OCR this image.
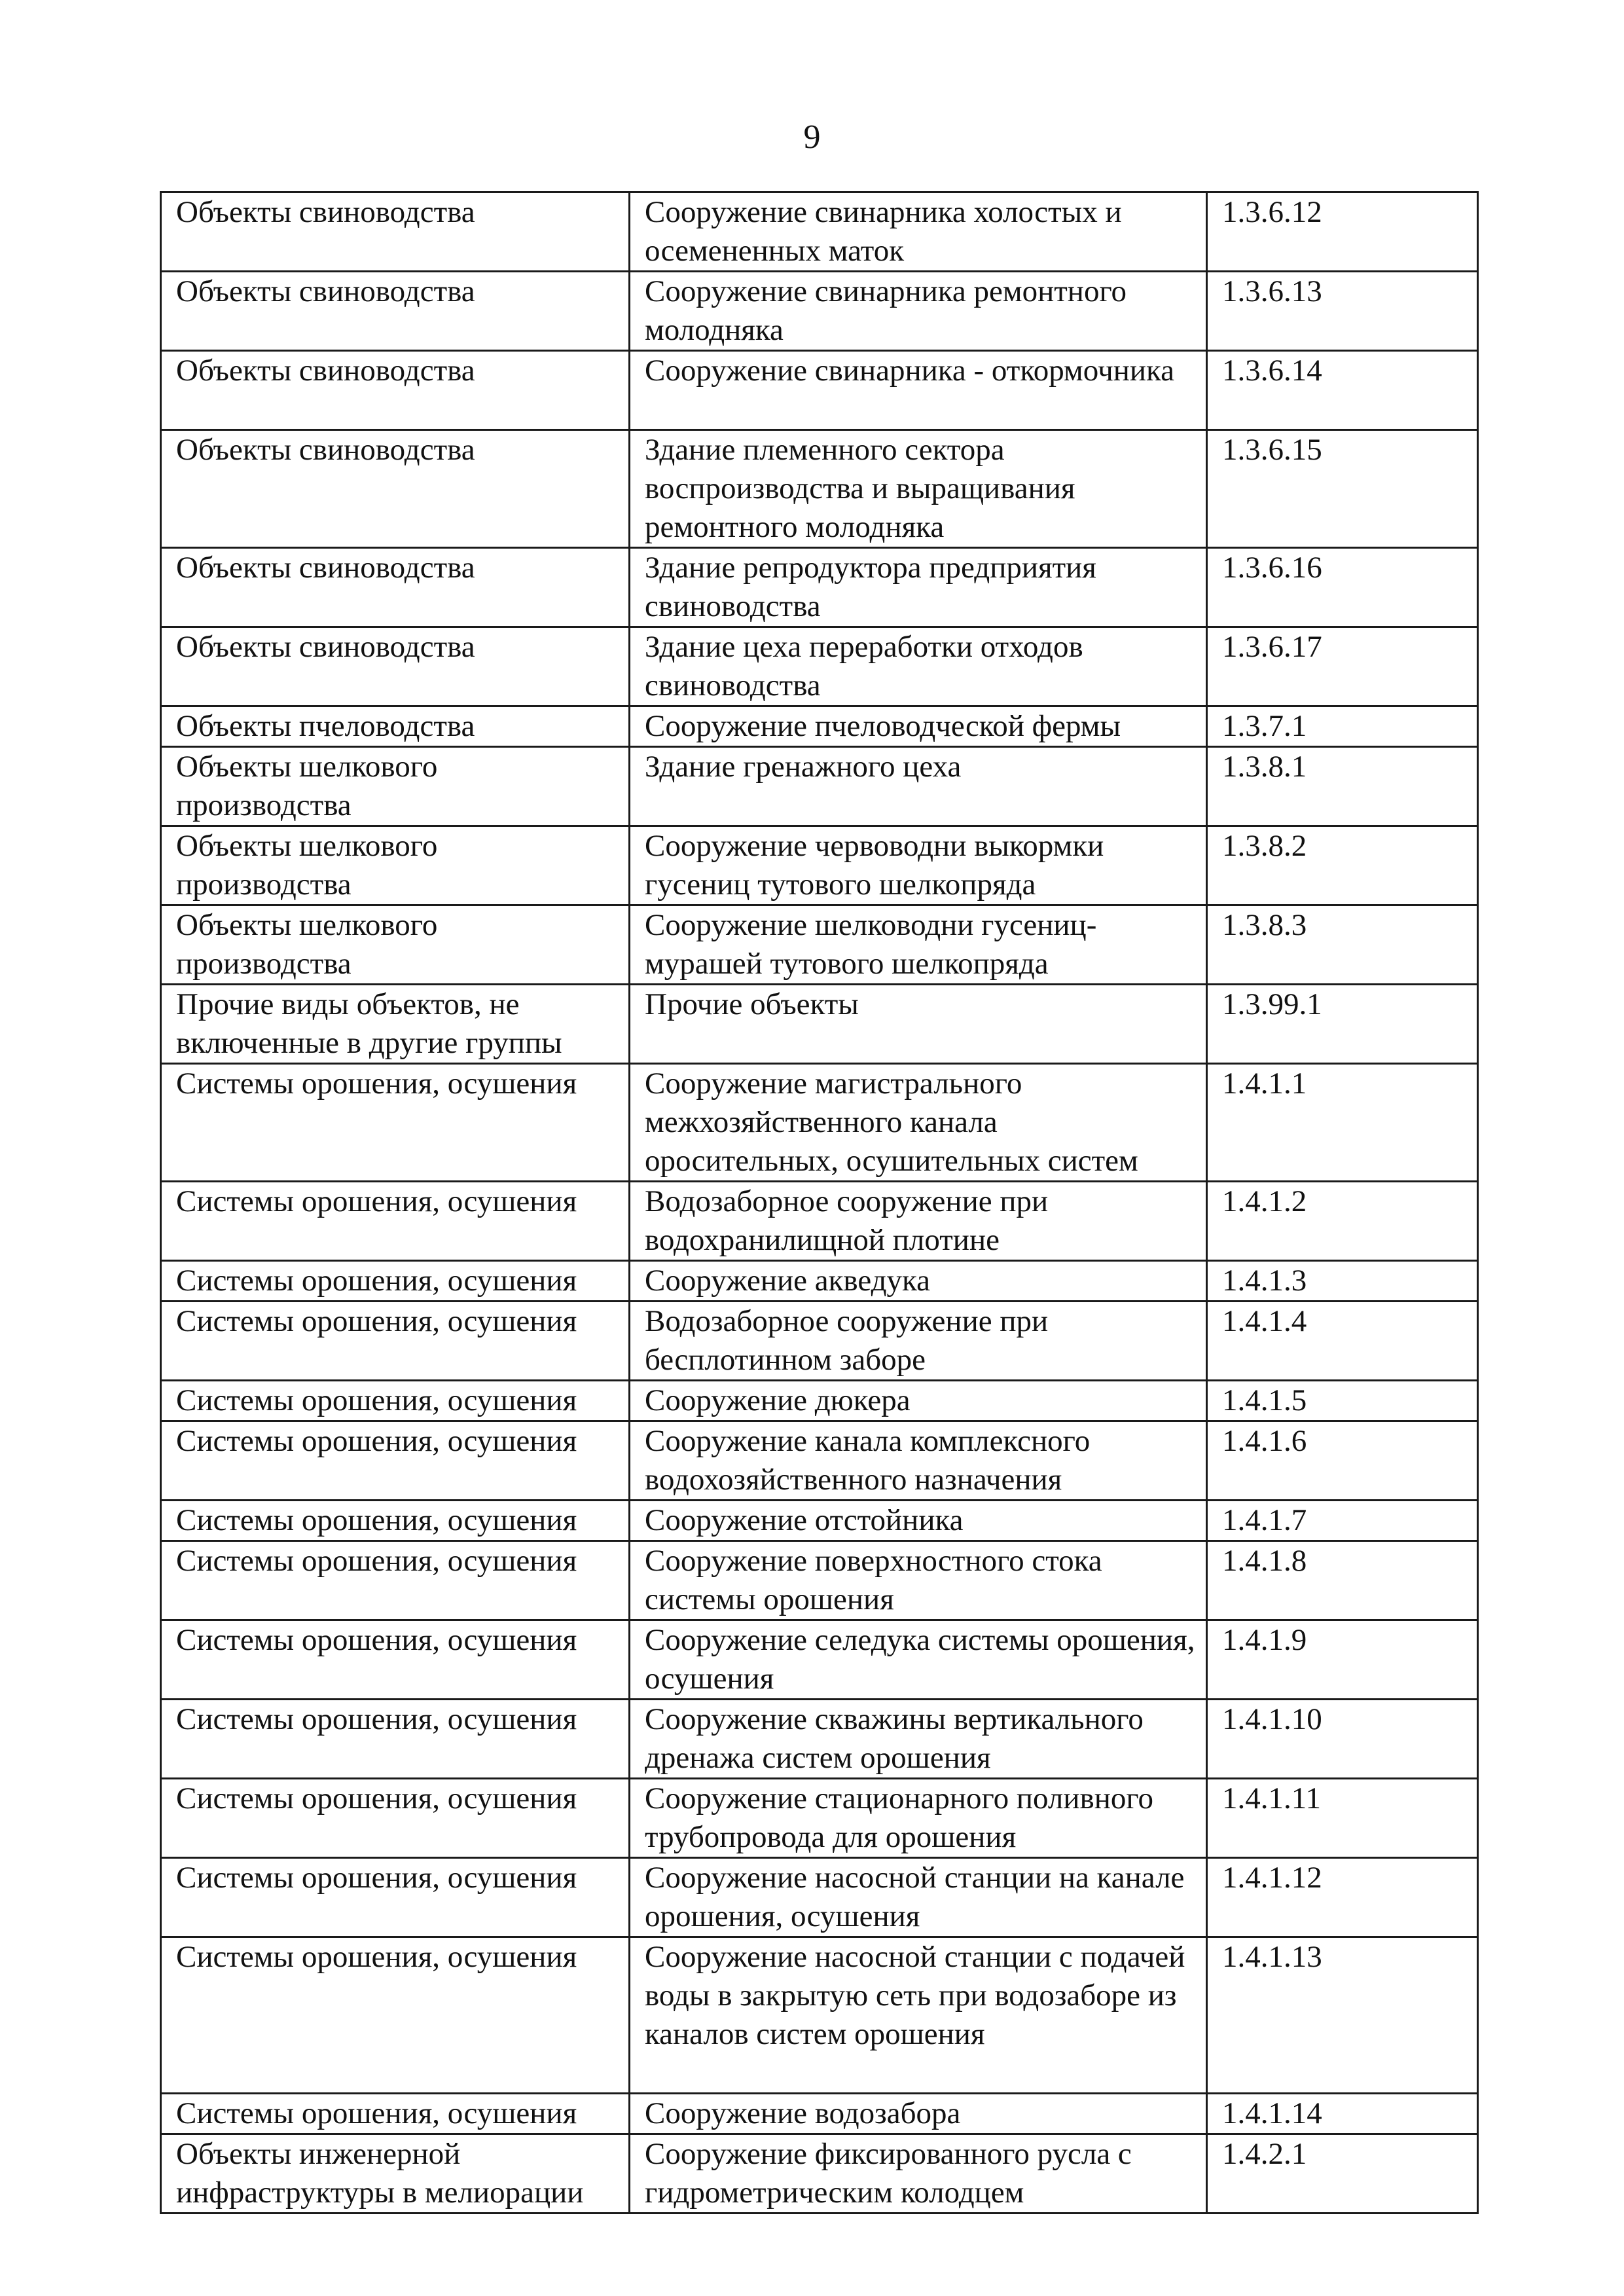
9
Объекты свиноводства	Сооружение свинарника холостых и осемененных маток	1.3.6.12
Объекты свиноводства	Сооружение свинарника ремонтного молодняка	1.3.6.13
Объекты свиноводства	Сооружение свинарника - откормочника	1.3.6.14
Объекты свиноводства	Здание племенного сектора воспроизводства и выращивания ремонтного молодняка	1.3.6.15
Объекты свиноводства	Здание репродуктора предприятия свиноводства	1.3.6.16
Объекты свиноводства	Здание цеха переработки отходов свиноводства	1.3.6.17
Объекты пчеловодства	Сооружение пчеловодческой фермы	1.3.7.1
Объекты шелкового производства	Здание гренажного цеха	1.3.8.1
Объекты шелкового производства	Сооружение червоводни выкормки гусениц тутового шелкопряда	1.3.8.2
Объекты шелкового производства	Сооружение шелководни гусениц-мурашей тутового шелкопряда	1.3.8.3
Прочие виды объектов, не включенные в другие группы	Прочие объекты	1.3.99.1
Системы орошения, осушения	Сооружение магистрального межхозяйственного канала оросительных, осушительных систем	1.4.1.1
Системы орошения, осушения	Водозаборное сооружение при водохранилищной плотине	1.4.1.2
Системы орошения, осушения	Сооружение акведука	1.4.1.3
Системы орошения, осушения	Водозаборное сооружение при бесплотинном заборе	1.4.1.4
Системы орошения, осушения	Сооружение дюкера	1.4.1.5
Системы орошения, осушения	Сооружение канала комплексного водохозяйственного назначения	1.4.1.6
Системы орошения, осушения	Сооружение отстойника	1.4.1.7
Системы орошения, осушения	Сооружение поверхностного стока системы орошения	1.4.1.8
Системы орошения, осушения	Сооружение селедука системы орошения, осушения	1.4.1.9
Системы орошения, осушения	Сооружение скважины вертикального дренажа систем орошения	1.4.1.10
Системы орошения, осушения	Сооружение стационарного поливного трубопровода для орошения	1.4.1.11
Системы орошения, осушения	Сооружение насосной станции на канале орошения, осушения	1.4.1.12
Системы орошения, осушения	Сооружение насосной станции с подачей воды в закрытую сеть при водозаборе из каналов систем орошения	1.4.1.13
Системы орошения, осушения	Сооружение водозабора	1.4.1.14
Объекты инженерной инфраструктуры в мелиорации	Сооружение фиксированного русла с гидрометрическим колодцем	1.4.2.1
